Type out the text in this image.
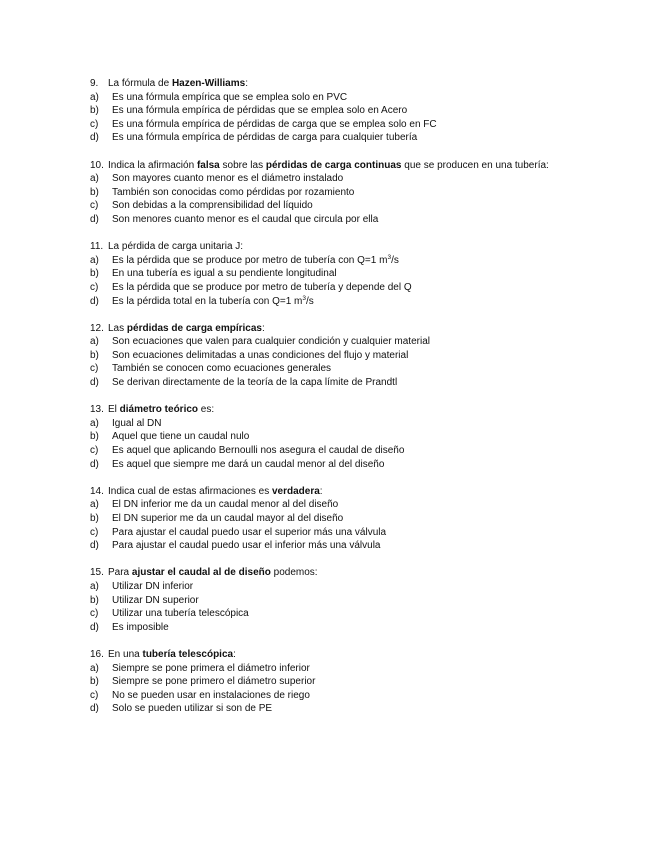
9. La fórmula de Hazen-Williams:
a)	Es una fórmula empírica que se emplea solo en PVC
b)	Es una fórmula empírica de pérdidas que se emplea solo en Acero
c)	Es una fórmula empírica de pérdidas de carga que se emplea solo en FC
d)	Es una fórmula empírica de pérdidas de carga para cualquier tubería
10. Indica la afirmación falsa sobre las pérdidas de carga continuas que se producen en una tubería:
a)	Son mayores cuanto menor es el diámetro instalado
b)	También son conocidas como pérdidas por rozamiento
c)	Son debidas a la comprensibilidad del líquido
d)	Son menores cuanto menor es el caudal que circula por ella
11. La pérdida de carga unitaria J:
a)	Es la pérdida que se produce por metro de tubería con Q=1 $m^3/s$
b)	En una tubería es igual a su pendiente longitudinal
c)	Es la pérdida que se produce por metro de tubería y depende del Q
d)	Es la pérdida total en la tubería con Q=1 $m^3/s$
12. Las pérdidas de carga empíricas:
a)	Son ecuaciones que valen para cualquier condición y cualquier material
b)	Son ecuaciones delimitadas a unas condiciones del flujo y material
c)	También se conocen como ecuaciones generales
d)	Se derivan directamente de la teoría de la capa límite de Prandtl
13. El diámetro teórico es:
a)	Igual al DN
b)	Aquel que tiene un caudal nulo
c)	Es aquel que aplicando Bernoulli nos asegura el caudal de diseño
d)	Es aquel que siempre me dará un caudal menor al del diseño
14. Indica cual de estas afirmaciones es verdadera:
a)	El DN inferior me da un caudal menor al del diseño
b)	El DN superior me da un caudal mayor al del diseño
c)	Para ajustar el caudal puedo usar el superior más una válvula
d)	Para ajustar el caudal puedo usar el inferior más una válvula
15. Para ajustar el caudal al de diseño podemos:
a)	Utilizar DN inferior
b)	Utilizar DN superior
c)	Utilizar una tubería telescópica
d)	Es imposible
16. En una tubería telescópica:
a)	Siempre se pone primera el diámetro inferior
b)	Siempre se pone primero el diámetro superior
c)	No se pueden usar en instalaciones de riego
d)	Solo se pueden utilizar si son de PE
